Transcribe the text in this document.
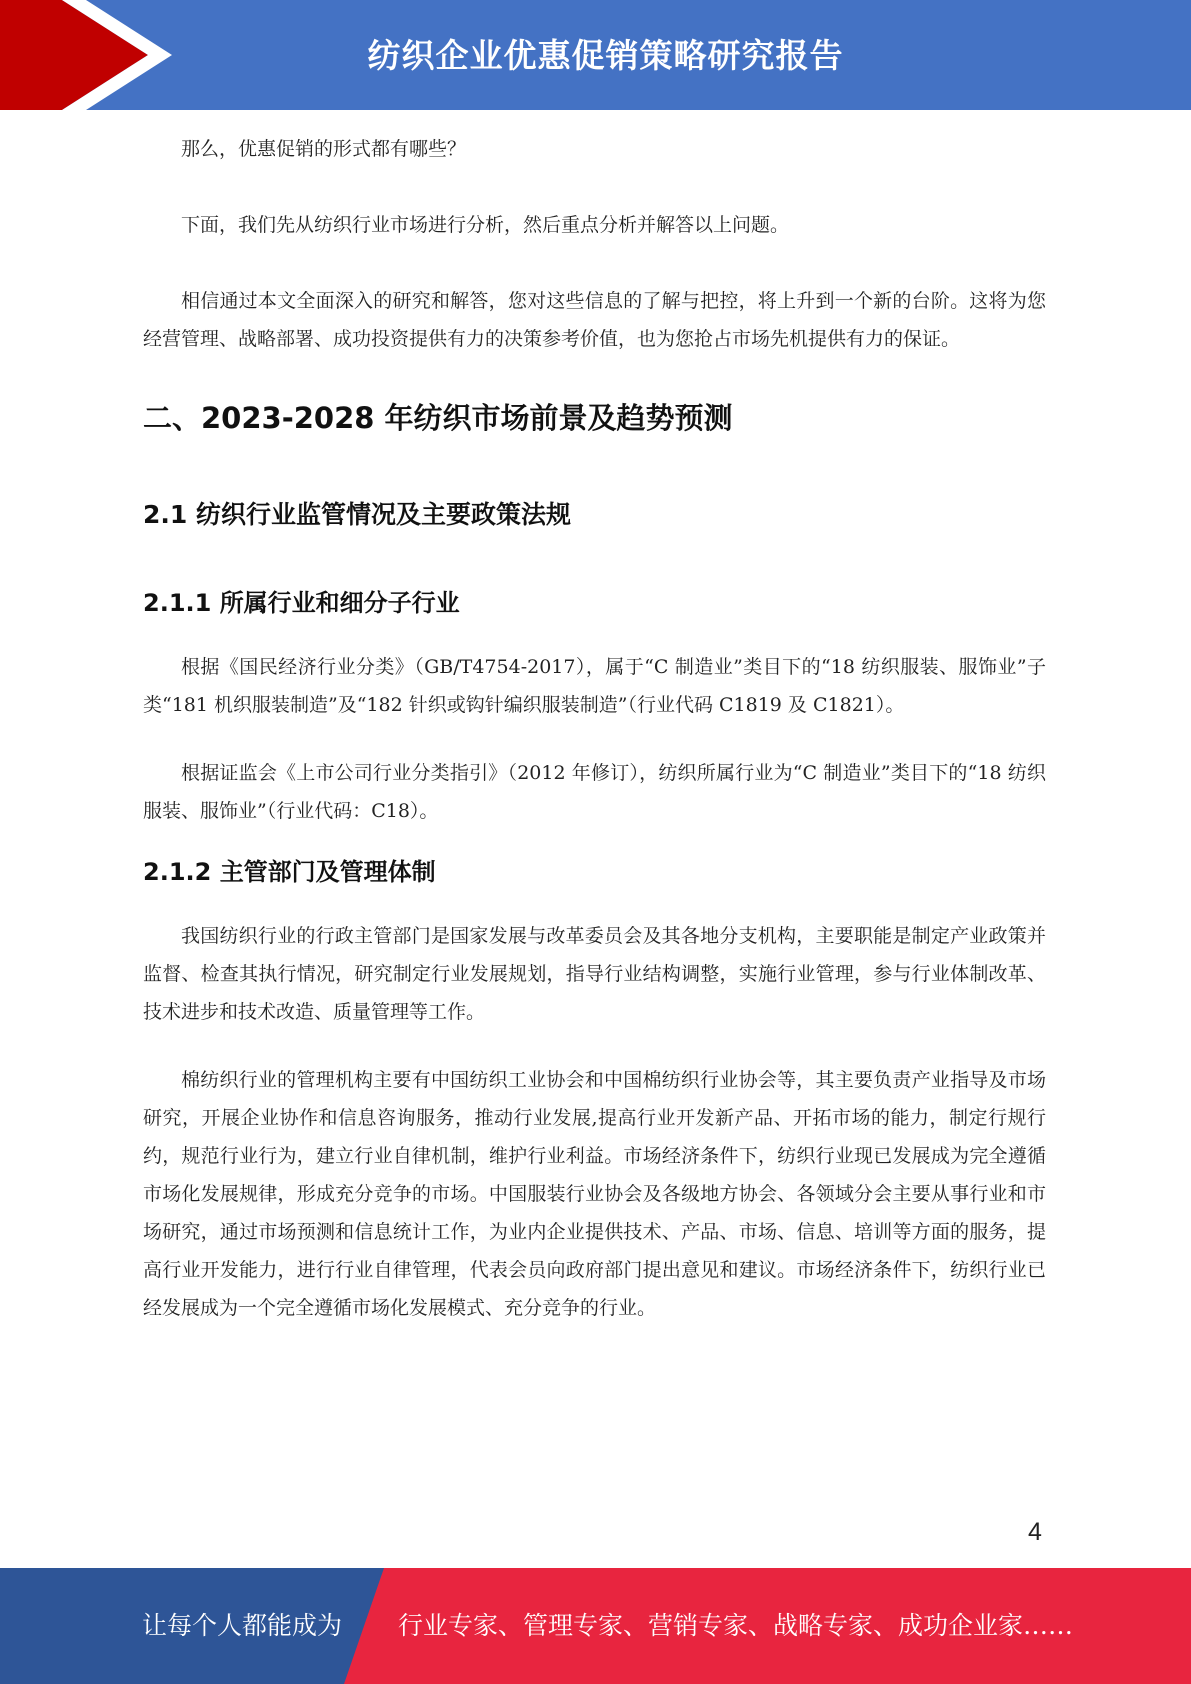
纺织企业优惠促销策略研究报告

那么，优惠促销的形式都有哪些？

下面，我们先从纺织行业市场进行分析，然后重点分析并解答以上问题。

相信通过本文全面深入的研究和解答，您对这些信息的了解与把控，将上升到一个新的台阶。这将为您经营管理、战略部署、成功投资提供有力的决策参考价值，也为您抢占市场先机提供有力的保证。

二、2023-2028 年纺织市场前景及趋势预测
2.1 纺织行业监管情况及主要政策法规
2.1.1 所属行业和细分子行业

根据《国民经济行业分类》（GB/T4754-2017），属于“C 制造业”类目下的“18 纺织服装、服饰业”子类“181 机织服装制造”及“182 针织或钩针编织服装制造”（行业代码 C1819 及 C1821）。

根据证监会《上市公司行业分类指引》（2012 年修订），纺织所属行业为“C 制造业”类目下的“18 纺织服装、服饰业”（行业代码：C18）。

2.1.2 主管部门及管理体制

我国纺织行业的行政主管部门是国家发展与改革委员会及其各地分支机构，主要职能是制定产业政策并监督、检查其执行情况，研究制定行业发展规划，指导行业结构调整，实施行业管理，参与行业体制改革、技术进步和技术改造、质量管理等工作。

棉纺织行业的管理机构主要有中国纺织工业协会和中国棉纺织行业协会等，其主要负责产业指导及市场研究，开展企业协作和信息咨询服务，推动行业发展,提高行业开发新产品、开拓市场的能力，制定行规行约，规范行业行为，建立行业自律机制，维护行业利益。市场经济条件下，纺织行业现已发展成为完全遵循市场化发展规律，形成充分竞争的市场。中国服装行业协会及各级地方协会、各领域分会主要从事行业和市场研究，通过市场预测和信息统计工作，为业内企业提供技术、产品、市场、信息、培训等方面的服务，提高行业开发能力，进行行业自律管理，代表会员向政府部门提出意见和建议。市场经济条件下，纺织行业已经发展成为一个完全遵循市场化发展模式、充分竞争的行业。

4
让每个人都能成为 行业专家、管理专家、营销专家、战略专家、成功企业家……
